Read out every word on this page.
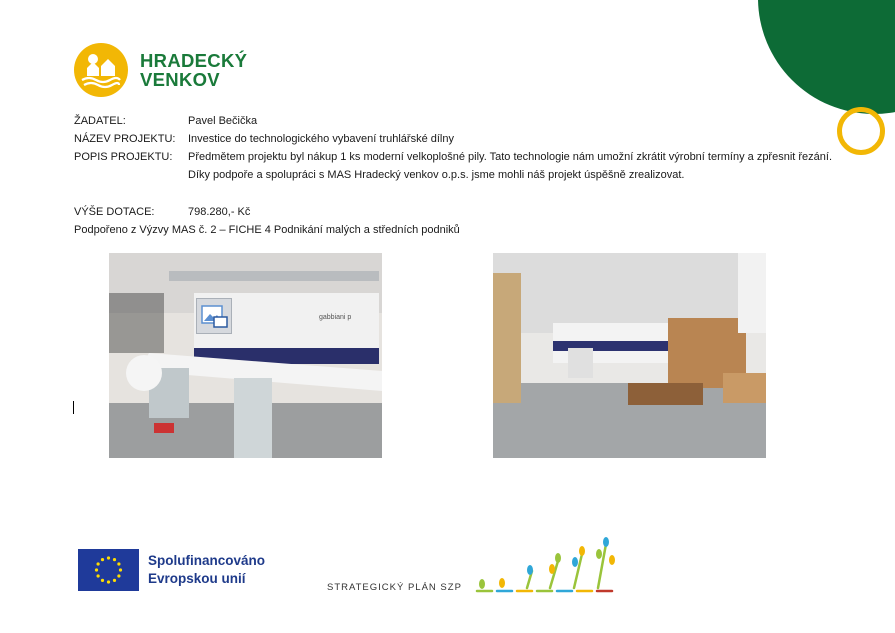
HRADECKÝ
VENKOV
ŽADATEL:	Pavel Bečička
NÁZEV PROJEKTU:	Investice do technologického vybavení truhlářské dílny
POPIS PROJEKTU:	Předmětem projektu byl nákup 1 ks moderní velkoplošné pily. Tato technologie nám umožní zkrátit výrobní termíny a zpřesnit řezání. Díky podpoře a spolupráci s MAS Hradecký venkov o.p.s. jsme mohli náš projekt úspěšně zrealizovat.
VÝŠE DOTACE:	798.280,- Kč
Podpořeno z Výzvy MAS č. 2 – FICHE 4 Podnikání malých a středních podniků
gabbiani p
Spolufinancováno
Evropskou unií
STRATEGICKÝ PLÁN SZP
